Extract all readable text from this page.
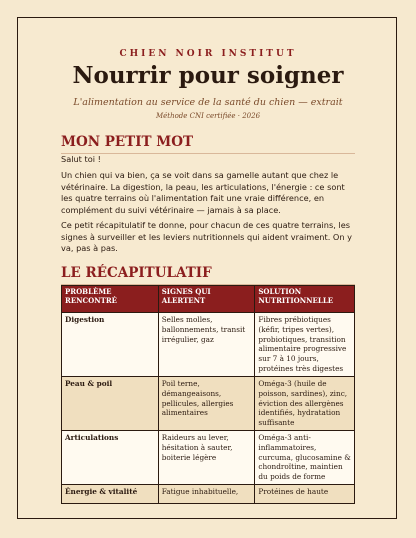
CHIEN NOIR INSTITUT
Nourrir pour soigner
L'alimentation au service de la santé du chien — extrait
Méthode CNI certifiée · 2026
MON PETIT MOT

Salut toi !

Un chien qui va bien, ça se voit dans sa gamelle autant que chez le vétérinaire. La digestion, la peau, les articulations, l'énergie : ce sont les quatre terrains où l'alimentation fait une vraie différence, en complément du suivi vétérinaire — jamais à sa place.

Ce petit récapitulatif te donne, pour chacun de ces quatre terrains, les signes à surveiller et les leviers nutritionnels qui aident vraiment. On y va, pas à pas.

LE RÉCAPITULATIF
PROBLÈME RENCONTRÉ	SIGNES QUI ALERTENT	SOLUTION NUTRITIONNELLE
Digestion	Selles molles, ballonnements, transit irrégulier, gaz	Fibres prébiotiques (kéfir, tripes vertes), probiotiques, transition alimentaire progressive sur 7 à 10 jours, protéines très digestes
Peau & poil	Poil terne, démangeaisons, pellicules, allergies alimentaires	Oméga-3 (huile de poisson, sardines), zinc, éviction des allergènes identifiés, hydratation suffisante
Articulations	Raideurs au lever, hésitation à sauter, boiterie légère	Oméga-3 anti-inflammatoires, curcuma, glucosamine & chondroïtine, maintien du poids de forme
Énergie & vitalité	Fatigue inhabituelle,	Protéines de haute
